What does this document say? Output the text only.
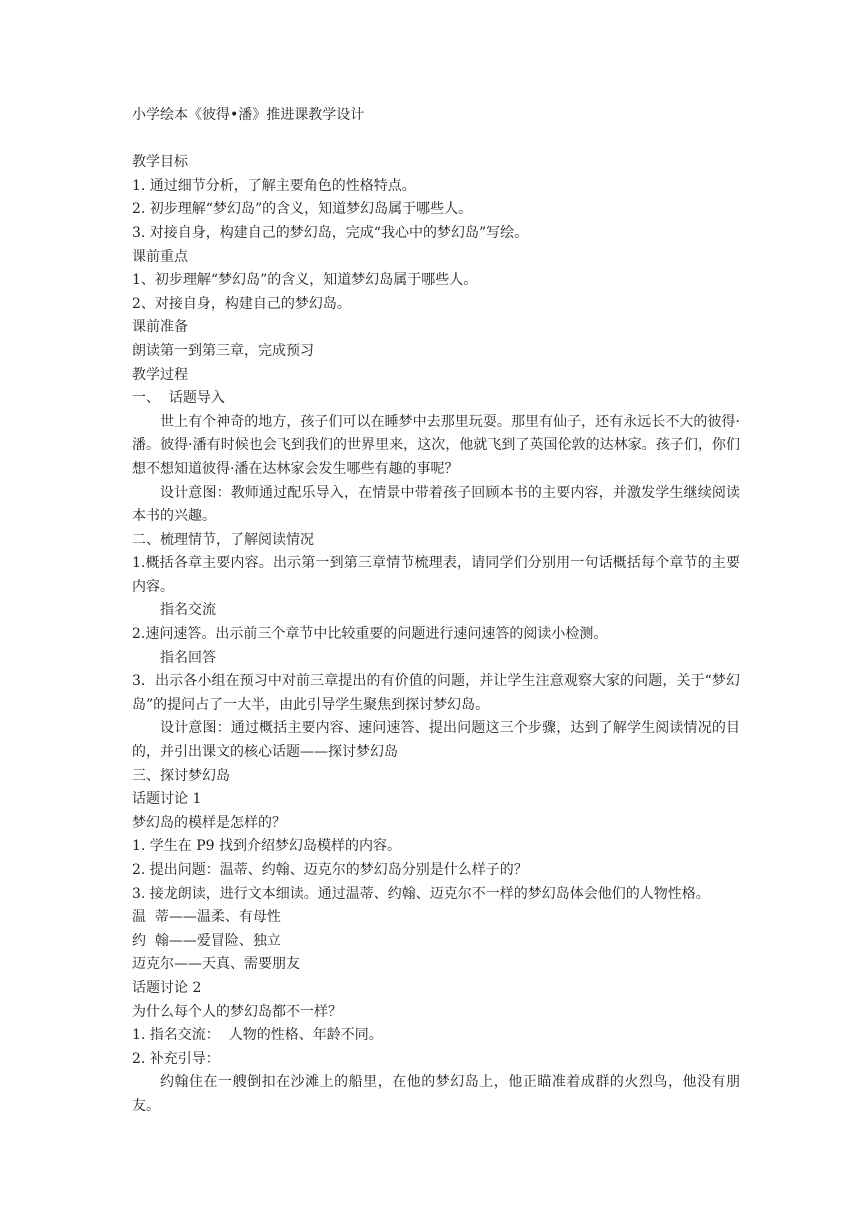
小学绘本《彼得•潘》推进课教学设计

教学目标

1. 通过细节分析，了解主要角色的性格特点。

2. 初步理解“梦幻岛”的含义，知道梦幻岛属于哪些人。

3. 对接自身，构建自己的梦幻岛，完成“我心中的梦幻岛”写绘。

课前重点

1、初步理解“梦幻岛”的含义，知道梦幻岛属于哪些人。

2、对接自身，构建自己的梦幻岛。

课前准备

朗读第一到第三章，完成预习

教学过程

一、  话题导入

世上有个神奇的地方，孩子们可以在睡梦中去那里玩耍。那里有仙子，还有永远长不大的彼得·潘。彼得·潘有时候也会飞到我们的世界里来，这次，他就飞到了英国伦敦的达林家。孩子们，你们想不想知道彼得·潘在达林家会发生哪些有趣的事呢？

设计意图：教师通过配乐导入，在情景中带着孩子回顾本书的主要内容，并激发学生继续阅读本书的兴趣。

二、梳理情节，了解阅读情况

1.概括各章主要内容。出示第一到第三章情节梳理表，请同学们分别用一句话概括每个章节的主要内容。

指名交流

2.速问速答。出示前三个章节中比较重要的问题进行速问速答的阅读小检测。

指名回答

3．出示各小组在预习中对前三章提出的有价值的问题，并让学生注意观察大家的问题，关于“梦幻岛”的提问占了一大半，由此引导学生聚焦到探讨梦幻岛。

设计意图：通过概括主要内容、速问速答、提出问题这三个步骤，达到了解学生阅读情况的目的，并引出课文的核心话题——探讨梦幻岛

三、探讨梦幻岛

话题讨论 1

梦幻岛的模样是怎样的？

1. 学生在 P9 找到介绍梦幻岛模样的内容。

2. 提出问题：温蒂、约翰、迈克尔的梦幻岛分别是什么样子的？

3. 接龙朗读，进行文本细读。通过温蒂、约翰、迈克尔不一样的梦幻岛体会他们的人物性格。

温  蒂——温柔、有母性

约  翰——爱冒险、独立

迈克尔——天真、需要朋友

话题讨论 2

为什么每个人的梦幻岛都不一样？

1. 指名交流：  人物的性格、年龄不同。

2. 补充引导：

约翰住在一艘倒扣在沙滩上的船里，在他的梦幻岛上，他正瞄准着成群的火烈鸟，他没有朋友。
